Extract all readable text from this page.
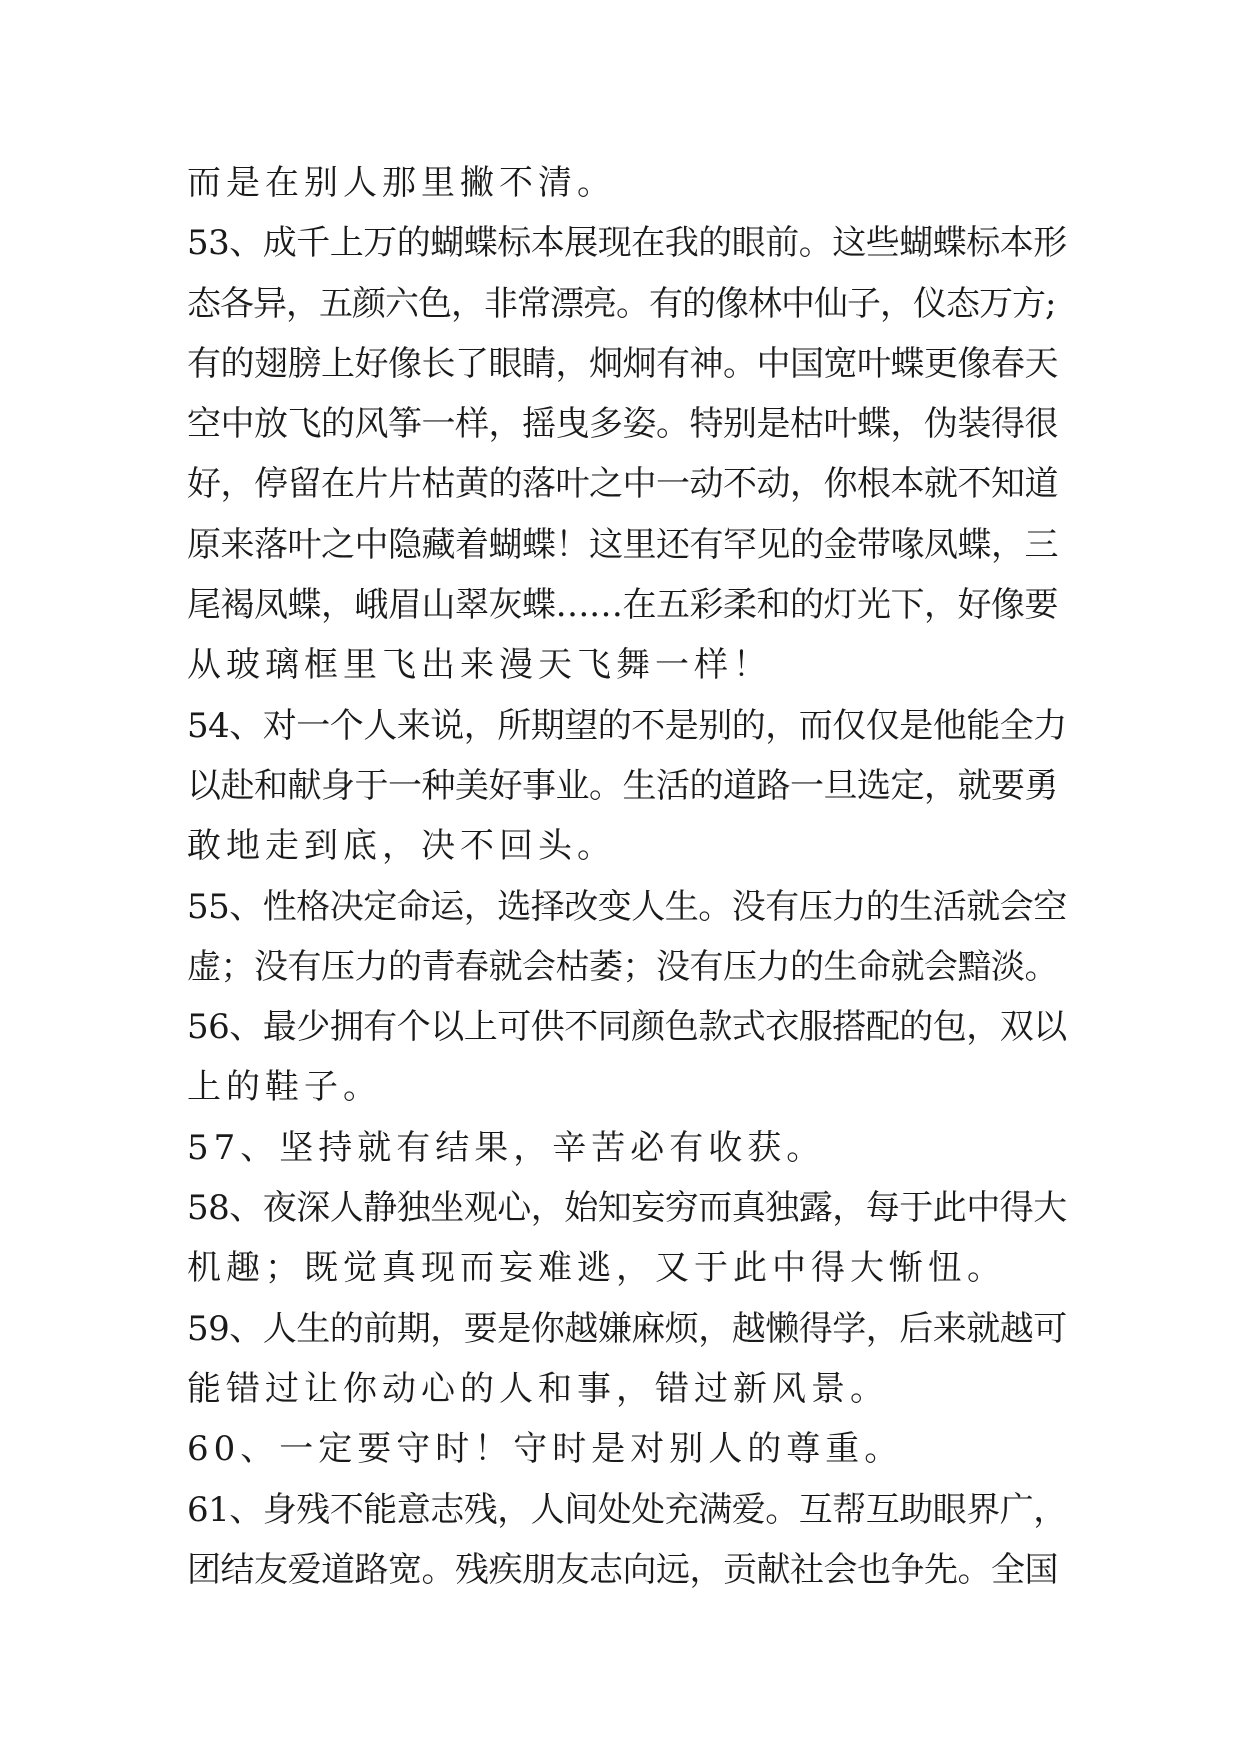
而是在别人那里撇不清。
53、成千上万的蝴蝶标本展现在我的眼前。这些蝴蝶标本形
态各异，五颜六色，非常漂亮。有的像林中仙子，仪态万方;
有的翅膀上好像长了眼睛，炯炯有神。中国宽叶蝶更像春天
空中放飞的风筝一样，摇曳多姿。特别是枯叶蝶，伪装得很
好，停留在片片枯黄的落叶之中一动不动，你根本就不知道
原来落叶之中隐藏着蝴蝶！这里还有罕见的金带喙凤蝶，三
尾褐凤蝶，峨眉山翠灰蝶……在五彩柔和的灯光下，好像要
从玻璃框里飞出来漫天飞舞一样！
54、对一个人来说，所期望的不是别的，而仅仅是他能全力
以赴和献身于一种美好事业。生活的道路一旦选定，就要勇
敢地走到底，决不回头。
55、性格决定命运，选择改变人生。没有压力的生活就会空
虚；没有压力的青春就会枯萎；没有压力的生命就会黯淡。
56、最少拥有个以上可供不同颜色款式衣服搭配的包，双以
上的鞋子。
57、坚持就有结果，辛苦必有收获。
58、夜深人静独坐观心，始知妄穷而真独露，每于此中得大
机趣；既觉真现而妄难逃，又于此中得大惭忸。
59、人生的前期，要是你越嫌麻烦，越懒得学，后来就越可
能错过让你动心的人和事，错过新风景。
60、一定要守时！守时是对别人的尊重。
61、身残不能意志残，人间处处充满爱。互帮互助眼界广，
团结友爱道路宽。残疾朋友志向远，贡献社会也争先。全国
